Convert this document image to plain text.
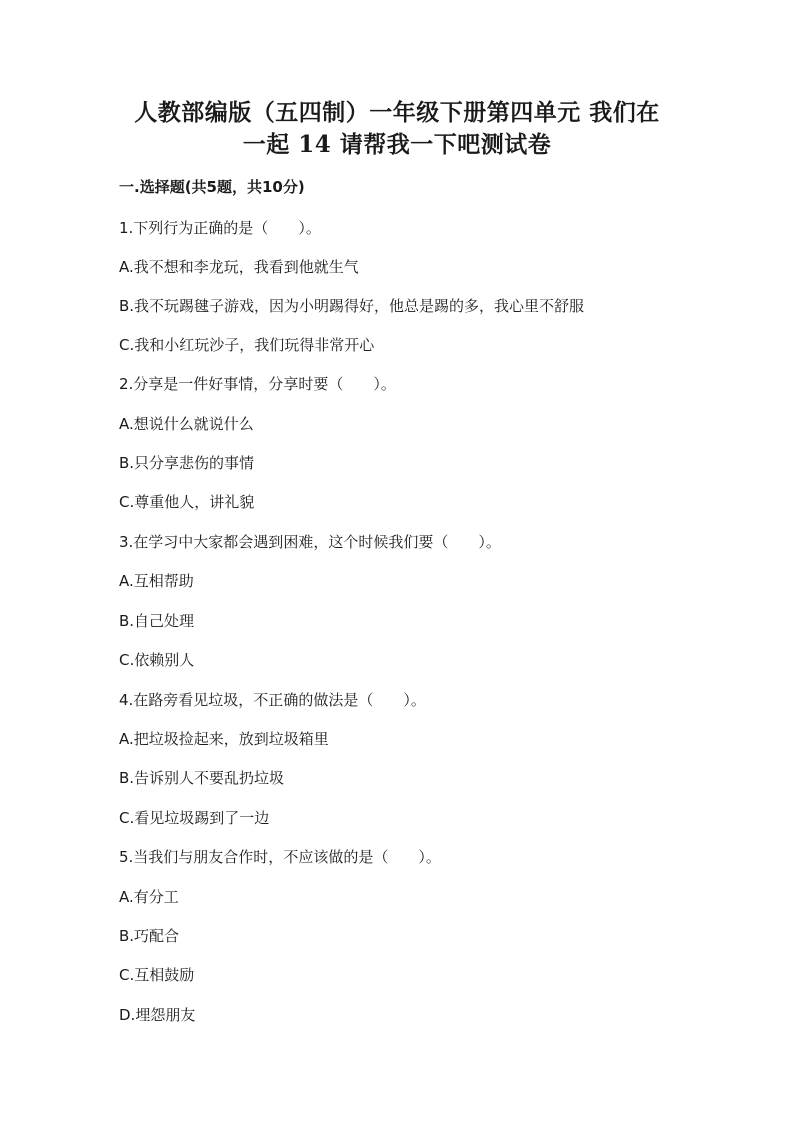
人教部编版（五四制）一年级下册第四单元 我们在
一起 14 请帮我一下吧测试卷
一.选择题(共5题，共10分)
1.下列行为正确的是（　　）。
A.我不想和李龙玩，我看到他就生气
B.我不玩踢毽子游戏，因为小明踢得好，他总是踢的多，我心里不舒服
C.我和小红玩沙子，我们玩得非常开心
2.分享是一件好事情，分享时要（　　）。
A.想说什么就说什么
B.只分享悲伤的事情
C.尊重他人，讲礼貌
3.在学习中大家都会遇到困难，这个时候我们要（　　）。
A.互相帮助
B.自己处理
C.依赖别人
4.在路旁看见垃圾，不正确的做法是（　　）。
A.把垃圾捡起来，放到垃圾箱里
B.告诉别人不要乱扔垃圾
C.看见垃圾踢到了一边
5.当我们与朋友合作时，不应该做的是（　　）。
A.有分工
B.巧配合
C.互相鼓励
D.埋怨朋友
